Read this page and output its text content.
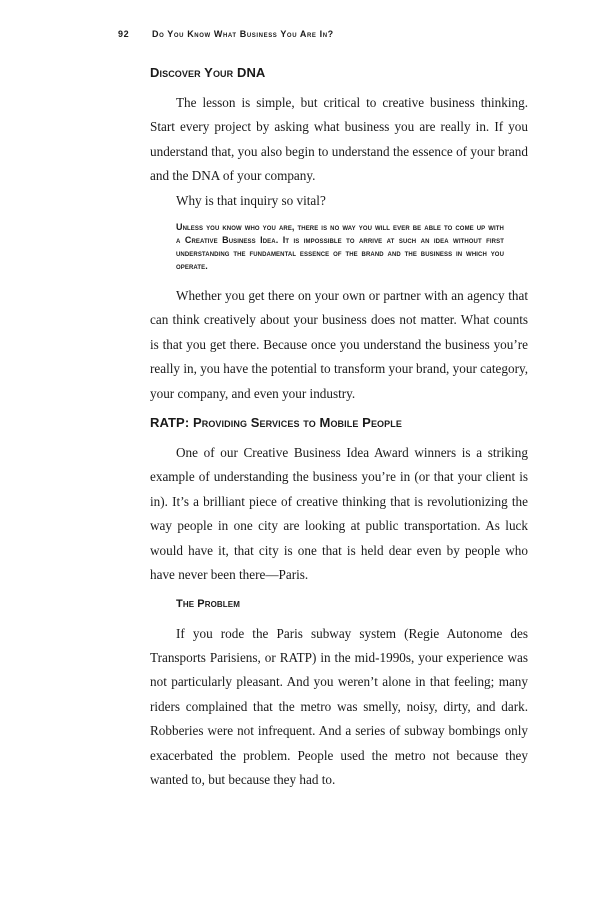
92	Do You Know What Business You Are In?
Discover Your DNA

The lesson is simple, but critical to creative business thinking. Start every project by asking what business you are really in. If you understand that, you also begin to understand the essence of your brand and the DNA of your company.

Why is that inquiry so vital?

Unless you know who you are, there is no way you will ever be able to come up with a Creative Business Idea. It is impossible to arrive at such an idea without first understanding the fundamental essence of the brand and the business in which you operate.

Whether you get there on your own or partner with an agency that can think creatively about your business does not matter. What counts is that you get there. Because once you understand the business you’re really in, you have the potential to transform your brand, your category, your company, and even your industry.

RATP: Providing Services to Mobile People

One of our Creative Business Idea Award winners is a striking example of understanding the business you’re in (or that your client is in). It’s a brilliant piece of creative thinking that is revolutionizing the way people in one city are looking at public transportation. As luck would have it, that city is one that is held dear even by people who have never been there—Paris.

The Problem

If you rode the Paris subway system (Regie Autonome des Transports Parisiens, or RATP) in the mid-1990s, your experience was not particularly pleasant. And you weren’t alone in that feeling; many riders complained that the metro was smelly, noisy, dirty, and dark. Robberies were not infrequent. And a series of subway bombings only exacerbated the problem. People used the metro not because they wanted to, but because they had to.
